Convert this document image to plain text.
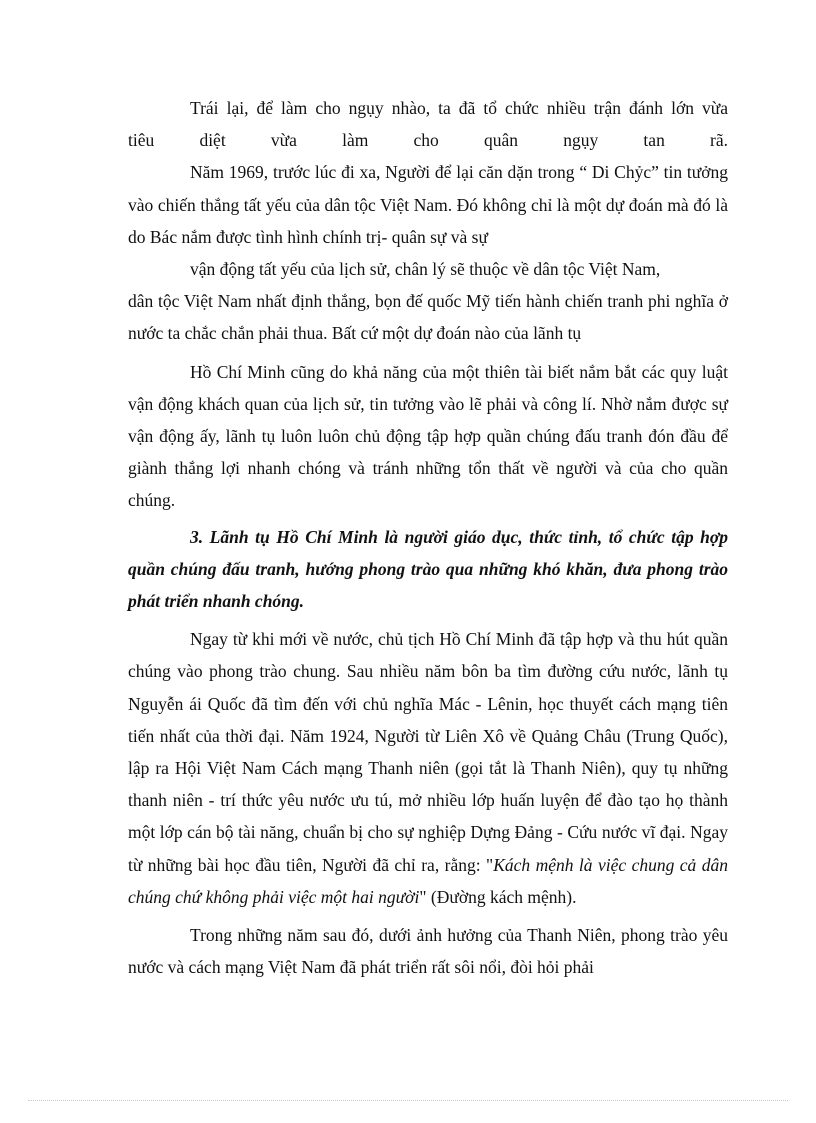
Trái lại, để làm cho ngụy nhào, ta đã tổ chức nhiều trận đánh lớn vừa

tiêu diệt vừa làm cho quân ngụy tan rã.

Năm 1969, trước lúc đi xa, Người để lại căn dặn trong “ Di Chỷc” tin tưởng vào chiến thắng tất yếu của dân tộc Việt Nam. Đó không chỉ là một dự đoán mà đó là do Bác nắm được tình hình chính trị- quân sự và sự

vận động tất yếu của lịch sử, chân lý sẽ thuộc về dân tộc Việt Nam,

dân tộc Việt Nam nhất định thắng, bọn đế quốc Mỹ tiến hành chiến tranh phi nghĩa ở nước ta chắc chắn phải thua. Bất cứ một dự đoán nào của lãnh tụ

Hồ Chí Minh cũng do khả năng của một thiên tài biết nắm bắt các quy luật vận động khách quan của lịch sử, tin tưởng vào lẽ phải và công lí. Nhờ nắm được sự vận động ấy, lãnh tụ luôn luôn chủ động tập hợp quần chúng đấu tranh đón đầu để giành thắng lợi nhanh chóng và tránh những tổn thất về người và của cho quần chúng.

3. Lãnh tụ Hồ Chí Minh là người giáo dục, thức tỉnh, tổ chức tập hợp quần chúng đấu tranh, hướng phong trào qua những khó khăn, đưa phong trào phát triển nhanh chóng.

Ngay từ khi mới về nước, chủ tịch Hồ Chí Minh đã tập hợp và thu hút quần chúng vào phong trào chung. Sau nhiều năm bôn ba tìm đường cứu nước, lãnh tụ Nguyễn ái Quốc đã tìm đến với chủ nghĩa Mác - Lênin, học thuyết cách mạng tiên tiến nhất của thời đại. Năm 1924, Người từ Liên Xô về Quảng Châu (Trung Quốc), lập ra Hội Việt Nam Cách mạng Thanh niên (gọi tắt là Thanh Niên), quy tụ những thanh niên - trí thức yêu nước ưu tú, mở nhiều lớp huấn luyện để đào tạo họ thành một lớp cán bộ tài năng, chuẩn bị cho sự nghiệp Dựng Đảng - Cứu nước vĩ đại. Ngay từ những bài học đầu tiên, Người đã chỉ ra, rằng: "Kách mệnh là việc chung cả dân chúng chứ không phải việc một hai người" (Đường kách mệnh).

Trong những năm sau đó, dưới ảnh hưởng của Thanh Niên, phong trào yêu nước và cách mạng Việt Nam đã phát triển rất sôi nổi, đòi hỏi phải
